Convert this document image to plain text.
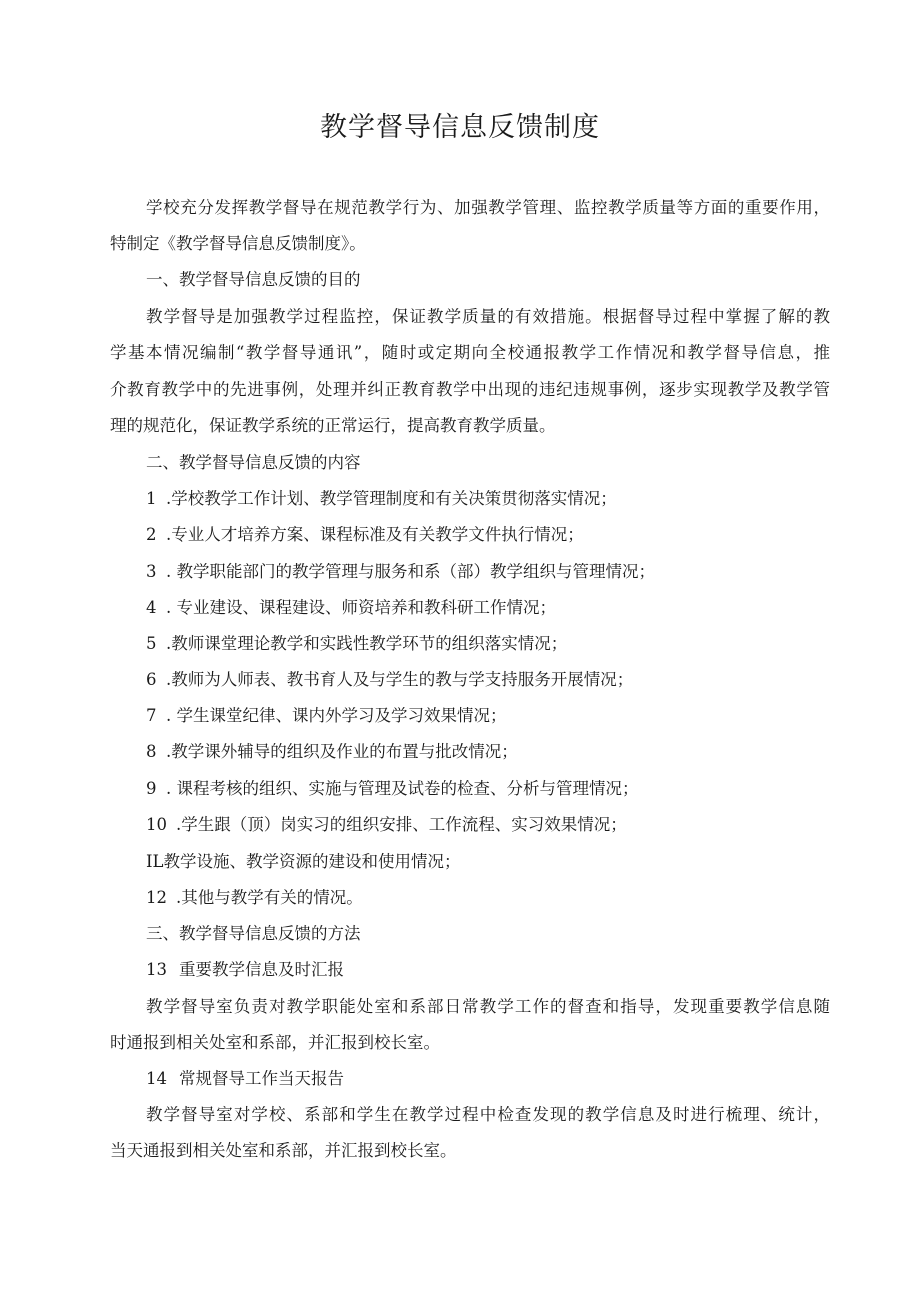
教学督导信息反馈制度

学校充分发挥教学督导在规范教学行为、加强教学管理、监控教学质量等方面的重要作用，

特制定《教学督导信息反馈制度》。

一、教学督导信息反馈的目的

教学督导是加强教学过程监控，保证教学质量的有效措施。根据督导过程中掌握了解的教

学基本情况编制“教学督导通讯”，随时或定期向全校通报教学工作情况和教学督导信息，推

介教育教学中的先进事例，处理并纠正教育教学中出现的违纪违规事例，逐步实现教学及教学管

理的规范化，保证教学系统的正常运行，提高教育教学质量。

二、教学督导信息反馈的内容

1 .学校教学工作计划、教学管理制度和有关决策贯彻落实情况；

2 .专业人才培养方案、课程标准及有关教学文件执行情况；

3 . 教学职能部门的教学管理与服务和系（部）教学组织与管理情况；

4 . 专业建设、课程建设、师资培养和教科研工作情况；

5 .教师课堂理论教学和实践性教学环节的组织落实情况；

6 .教师为人师表、教书育人及与学生的教与学支持服务开展情况；

7 . 学生课堂纪律、课内外学习及学习效果情况；

8 .教学课外辅导的组织及作业的布置与批改情况；

9 . 课程考核的组织、实施与管理及试卷的检查、分析与管理情况；

10 .学生跟（顶）岗实习的组织安排、工作流程、实习效果情况；

IL教学设施、教学资源的建设和使用情况；

12 .其他与教学有关的情况。

三、教学督导信息反馈的方法

13 重要教学信息及时汇报

教学督导室负责对教学职能处室和系部日常教学工作的督查和指导，发现重要教学信息随

时通报到相关处室和系部，并汇报到校长室。

14 常规督导工作当天报告

教学督导室对学校、系部和学生在教学过程中检查发现的教学信息及时进行梳理、统计，

当天通报到相关处室和系部，并汇报到校长室。
